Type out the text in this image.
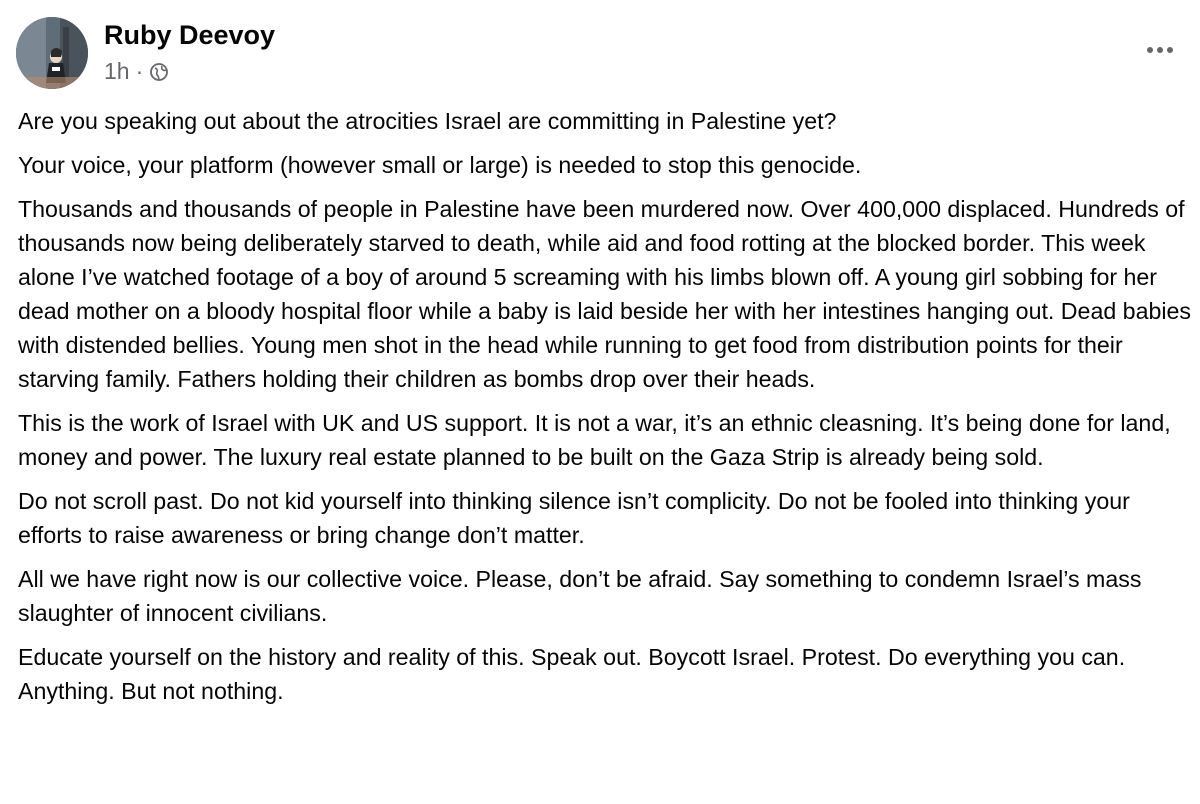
Ruby Deevoy
1h ·

Are you speaking out about the atrocities Israel are committing in Palestine yet?

Your voice, your platform (however small or large) is needed to stop this genocide.

Thousands and thousands of people in Palestine have been murdered now. Over 400,000 displaced. Hundreds of thousands now being deliberately starved to death, while aid and food rotting at the blocked border. This week alone I’ve watched footage of a boy of around 5 screaming with his limbs blown off. A young girl sobbing for her dead mother on a bloody hospital floor while a baby is laid beside her with her intestines hanging out. Dead babies with distended bellies. Young men shot in the head while running to get food from distribution points for their starving family. Fathers holding their children as bombs drop over their heads.

This is the work of Israel with UK and US support. It is not a war, it’s an ethnic cleasning. It’s being done for land, money and power. The luxury real estate planned to be built on the Gaza Strip is already being sold.

Do not scroll past. Do not kid yourself into thinking silence isn’t complicity. Do not be fooled into thinking your efforts to raise awareness or bring change don’t matter.

All we have right now is our collective voice. Please, don’t be afraid. Say something to condemn Israel’s mass slaughter of innocent civilians.

Educate yourself on the history and reality of this. Speak out. Boycott Israel. Protest. Do everything you can. Anything. But not nothing.
